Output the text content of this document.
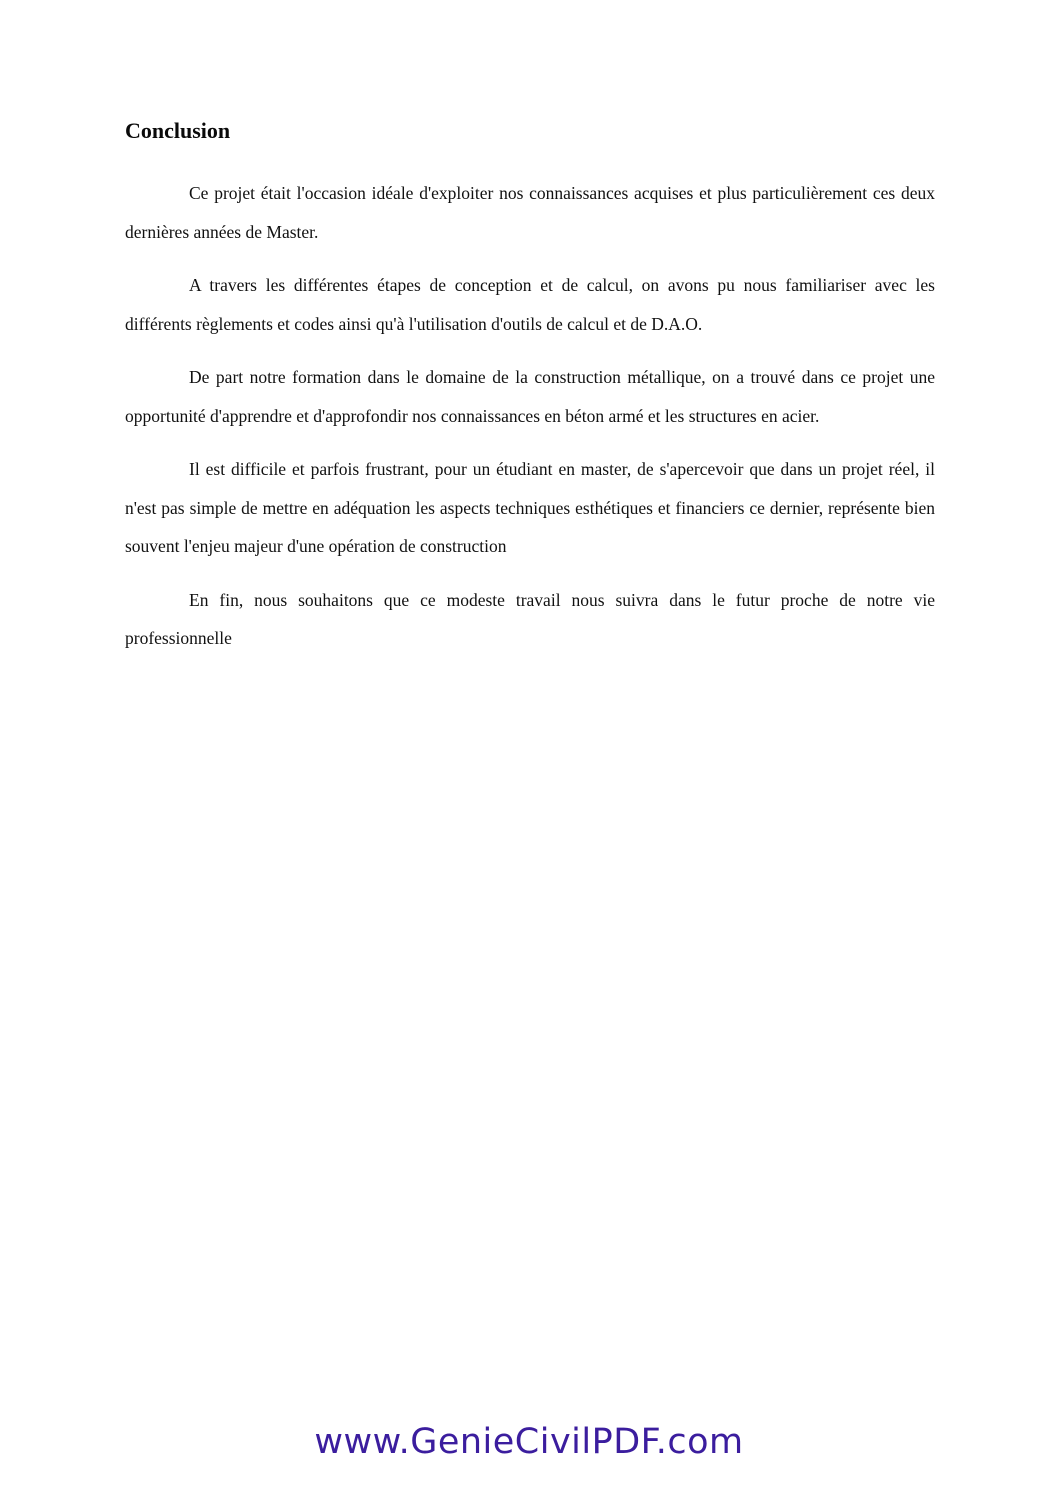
Conclusion

Ce projet était l'occasion idéale d'exploiter nos connaissances acquises et plus particulièrement ces deux dernières années de Master.

A travers les différentes étapes de conception et de calcul, on avons pu nous familiariser avec les différents règlements et codes ainsi qu'à l'utilisation d'outils de calcul et de D.A.O.

De part notre formation dans le domaine de la construction métallique, on a trouvé dans ce projet une opportunité d'apprendre et d'approfondir nos connaissances en béton armé et les structures en acier.

Il est difficile et parfois frustrant, pour un étudiant en master, de s'apercevoir que dans un projet réel, il n'est pas simple de mettre en adéquation les aspects techniques esthétiques et financiers ce dernier, représente bien souvent l'enjeu majeur d'une opération de construction

En fin, nous souhaitons que ce modeste travail nous suivra dans le futur proche de notre vie professionnelle

www.GenieCivilPDF.com
